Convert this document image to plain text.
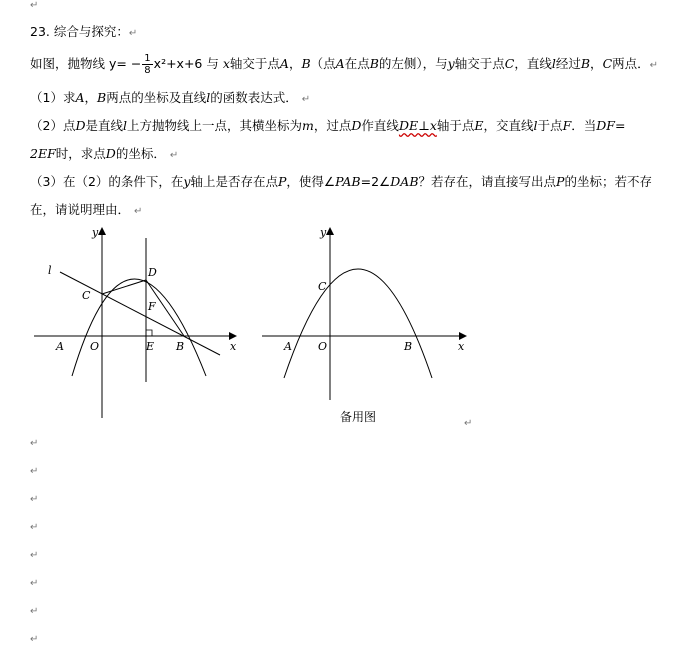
↵
23. 综合与探究：↵
如图，抛物线 $y= - \frac{1}{8} x^2+x+6$ 与 x轴交于点A，B（点A在点B的左侧），与y轴交于点C，直线l经过B，C两点．↵
（1）求A，B两点的坐标及直线l的函数表达式． ↵
（2）点D是直线l上方抛物线上一点，其横坐标为m，过点D作直线DE⊥x轴于点E，交直线l于点F．当DF=
2EF时，求点D的坐标． ↵
（3）在（2）的条件下，在y轴上是否存在点P，使得∠PAB=2∠DAB？若存在，请直接写出点P的坐标；若不存
在，请说明理由． ↵
y
x
l
C
D
F
A O	E B
y
x
C
A O	B
备用图	↵
↵
↵
↵
↵
↵
↵
↵
↵
